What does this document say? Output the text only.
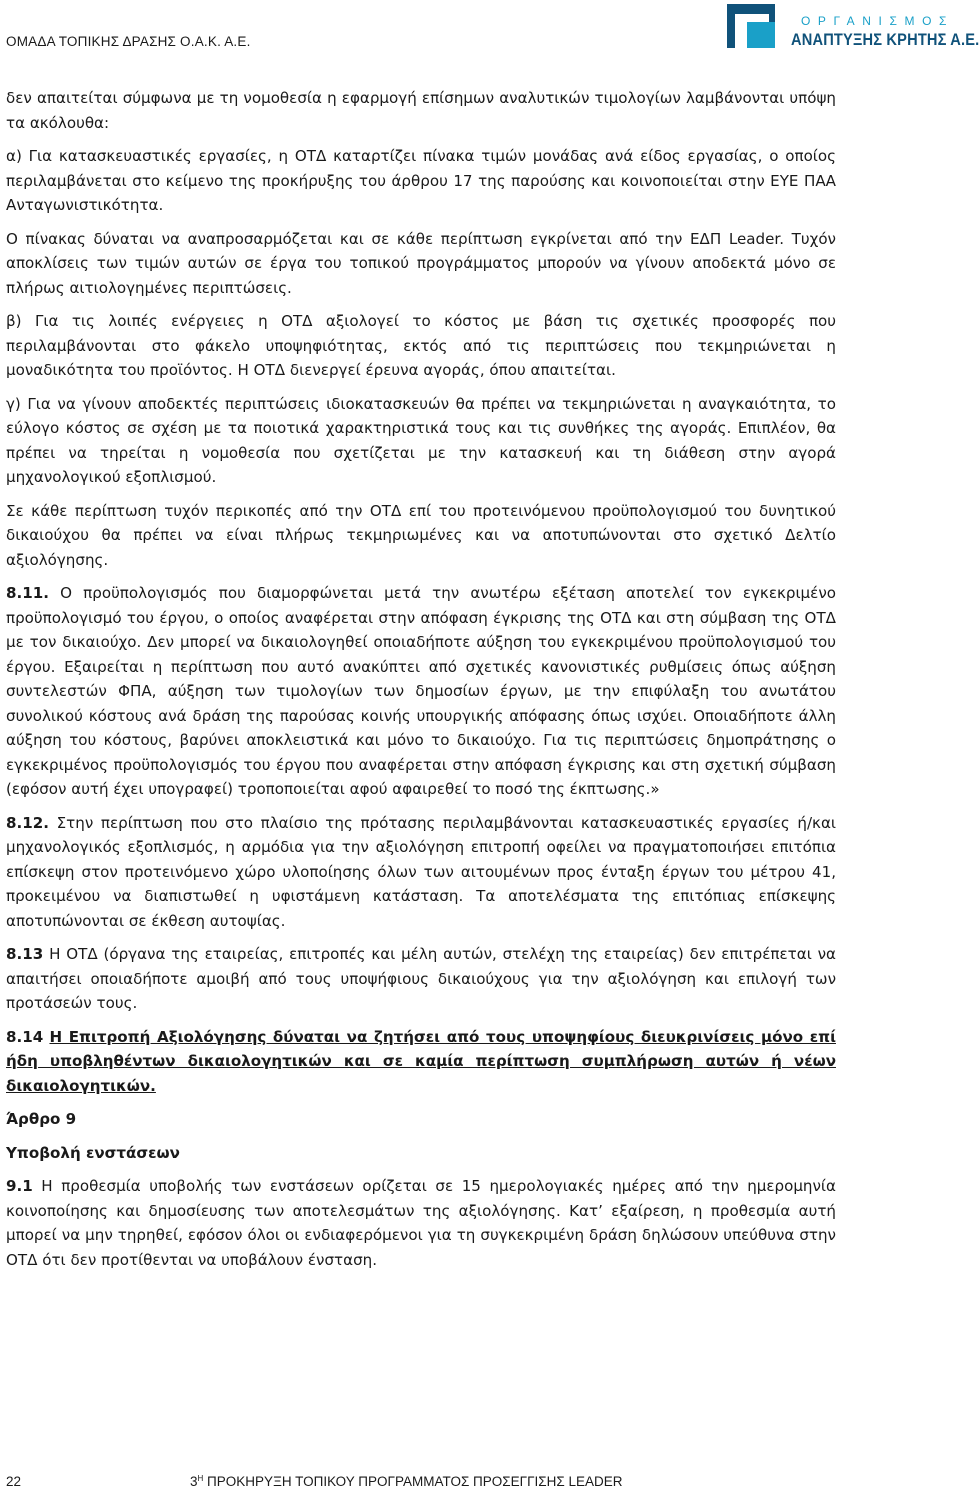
ΟΜΑΔΑ ΤΟΠΙΚΗΣ ΔΡΑΣΗΣ Ο.Α.Κ. Α.Ε.
ΟΡΓΑΝΙΣΜΟΣ
ΑΝΑΠΤΥΞΗΣ ΚΡΗΤΗΣ Α.Ε.

δεν απαιτείται σύμφωνα με τη νομοθεσία η εφαρμογή επίσημων αναλυτικών τιμολογίων λαμβάνονται υπόψη τα ακόλουθα:

α) Για κατασκευαστικές εργασίες, η ΟΤΔ καταρτίζει πίνακα τιμών μονάδας ανά είδος εργασίας, ο οποίος περιλαμβάνεται στο κείμενο της προκήρυξης του άρθρου 17 της παρούσης και κοινοποιείται στην ΕΥΕ ΠΑΑ Ανταγωνιστικότητα.

Ο πίνακας δύναται να αναπροσαρμόζεται και σε κάθε περίπτωση εγκρίνεται από την ΕΔΠ Leader. Τυχόν αποκλίσεις των τιμών αυτών σε έργα του τοπικού προγράμματος μπορούν να γίνουν αποδεκτά μόνο σε πλήρως αιτιολογημένες περιπτώσεις.

β) Για τις λοιπές ενέργειες η ΟΤΔ αξιολογεί το κόστος με βάση τις σχετικές προσφορές που περιλαμβάνονται στο φάκελο υποψηφιότητας, εκτός από τις περιπτώσεις που τεκμηριώνεται η μοναδικότητα του προϊόντος. Η ΟΤΔ διενεργεί έρευνα αγοράς, όπου απαιτείται.

γ) Για να γίνουν αποδεκτές περιπτώσεις ιδιοκατασκευών θα πρέπει να τεκμηριώνεται η αναγκαιότητα, το εύλογο κόστος σε σχέση με τα ποιοτικά χαρακτηριστικά τους και τις συνθήκες της αγοράς. Επιπλέον, θα πρέπει να τηρείται η νομοθεσία που σχετίζεται με την κατασκευή και τη διάθεση στην αγορά μηχανολογικού εξοπλισμού.

Σε κάθε περίπτωση τυχόν περικοπές από την ΟΤΔ επί του προτεινόμενου προϋπολογισμού του δυνητικού δικαιούχου θα πρέπει να είναι πλήρως τεκμηριωμένες και να αποτυπώνονται στο σχετικό Δελτίο αξιολόγησης.

8.11. Ο προϋπολογισμός που διαμορφώνεται μετά την ανωτέρω εξέταση αποτελεί τον εγκεκριμένο προϋπολογισμό του έργου, ο οποίος αναφέρεται στην απόφαση έγκρισης της ΟΤΔ και στη σύμβαση της ΟΤΔ με τον δικαιούχο. Δεν μπορεί να δικαιολογηθεί οποιαδήποτε αύξηση του εγκεκριμένου προϋπολογισμού του έργου. Εξαιρείται η περίπτωση που αυτό ανακύπτει από σχετικές κανονιστικές ρυθμίσεις όπως αύξηση συντελεστών ΦΠΑ, αύξηση των τιμολογίων των δημοσίων έργων, με την επιφύλαξη του ανωτάτου συνολικού κόστους ανά δράση της παρούσας κοινής υπουργικής απόφασης όπως ισχύει. Οποιαδήποτε άλλη αύξηση του κόστους, βαρύνει αποκλειστικά και μόνο το δικαιούχο. Για τις περιπτώσεις δημοπράτησης ο εγκεκριμένος προϋπολογισμός του έργου που αναφέρεται στην απόφαση έγκρισης και στη σχετική σύμβαση (εφόσον αυτή έχει υπογραφεί) τροποποιείται αφού αφαιρεθεί το ποσό της έκπτωσης.»

8.12. Στην περίπτωση που στο πλαίσιο της πρότασης περιλαμβάνονται κατασκευαστικές εργασίες ή/και μηχανολογικός εξοπλισμός, η αρμόδια για την αξιολόγηση επιτροπή οφείλει να πραγματοποιήσει επιτόπια επίσκεψη στον προτεινόμενο χώρο υλοποίησης όλων των αιτουμένων προς ένταξη έργων του μέτρου 41, προκειμένου να διαπιστωθεί η υφιστάμενη κατάσταση. Τα αποτελέσματα της επιτόπιας επίσκεψης αποτυπώνονται σε έκθεση αυτοψίας.

8.13 Η ΟΤΔ (όργανα της εταιρείας, επιτροπές και μέλη αυτών, στελέχη της εταιρείας) δεν επιτρέπεται να απαιτήσει οποιαδήποτε αμοιβή από τους υποψήφιους δικαιούχους για την αξιολόγηση και επιλογή των προτάσεών τους.

8.14 Η Επιτροπή Αξιολόγησης δύναται να ζητήσει από τους υποψηφίους διευκρινίσεις μόνο επί ήδη υποβληθέντων δικαιολογητικών και σε καμία περίπτωση συμπλήρωση αυτών ή νέων δικαιολογητικών.

Άρθρο 9

Υποβολή ενστάσεων

9.1 Η προθεσμία υποβολής των ενστάσεων ορίζεται σε 15 ημερολογιακές ημέρες από την ημερομηνία κοινοποίησης και δημοσίευσης των αποτελεσμάτων της αξιολόγησης. Κατ’ εξαίρεση, η προθεσμία αυτή μπορεί να μην τηρηθεί, εφόσον όλοι οι ενδιαφερόμενοι για τη συγκεκριμένη δράση δηλώσουν υπεύθυνα στην ΟΤΔ ότι δεν προτίθενται να υποβάλουν ένσταση.

22	$3^H$ ΠΡΟΚΗΡΥΞΗ ΤΟΠΙΚΟΥ ΠΡΟΓΡΑΜΜΑΤΟΣ ΠΡΟΣΕΓΓΙΣΗΣ LEADER
